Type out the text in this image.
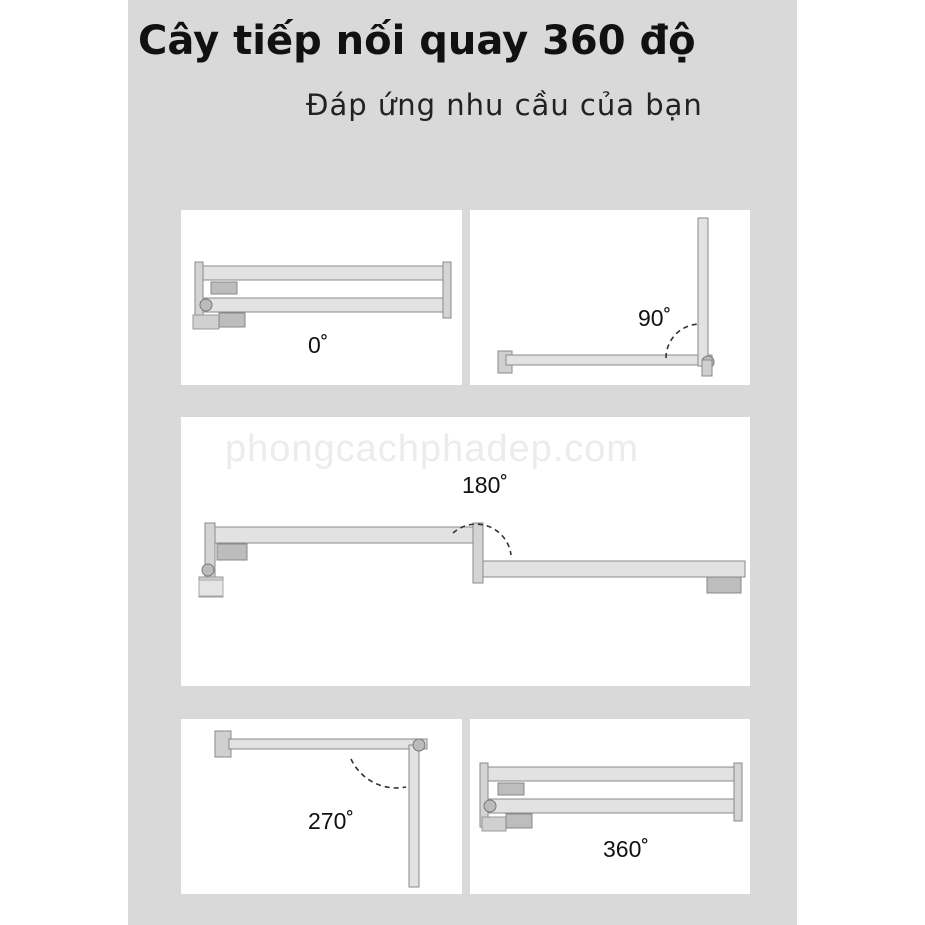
Cây tiếp nối quay 360 độ
Đáp ứng nhu cầu của bạn
0˚
90˚
180˚
270˚
360˚
phongcachphadep.com
